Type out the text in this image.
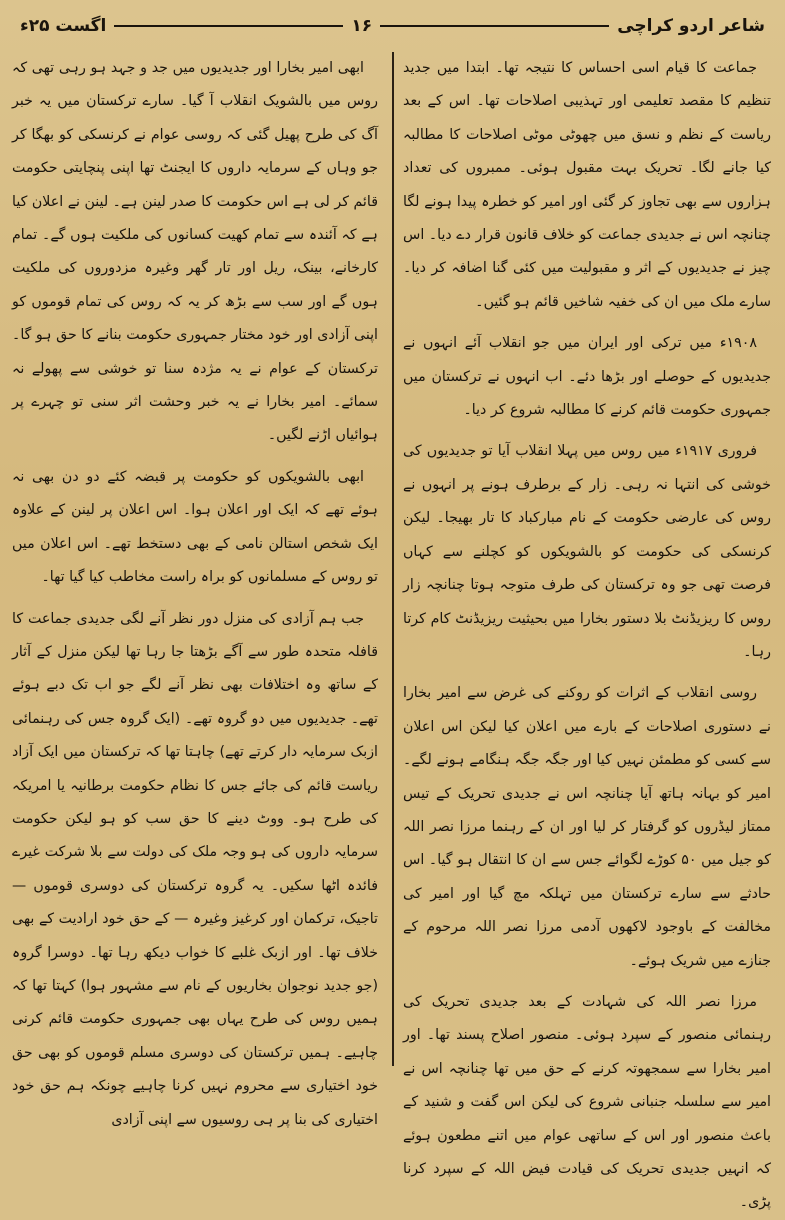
شاعر اردو کراچی
۱۶
اگست ۲۵ء

جماعت کا قیام اسی احساس کا نتیجہ تھا۔ ابتدا میں جدید تنظیم کا مقصد تعلیمی اور تہذیبی اصلاحات تھا۔ اس کے بعد ریاست کے نظم و نسق میں چھوٹی موٹی اصلاحات کا مطالبہ کیا جانے لگا۔ تحریک بہت مقبول ہوئی۔ ممبروں کی تعداد ہزاروں سے بھی تجاوز کر گئی اور امیر کو خطرہ پیدا ہونے لگا چنانچہ اس نے جدیدی جماعت کو خلاف قانون قرار دے دیا۔ اس چیز نے جدیدیوں کے اثر و مقبولیت میں کئی گنا اضافہ کر دیا۔ سارے ملک میں ان کی خفیہ شاخیں قائم ہو گئیں۔

۱۹۰۸ء میں ترکی اور ایران میں جو انقلاب آئے انہوں نے جدیدیوں کے حوصلے اور بڑھا دئے۔ اب انہوں نے ترکستان میں جمہوری حکومت قائم کرنے کا مطالبہ شروع کر دیا۔

فروری ۱۹۱۷ء میں روس میں پہلا انقلاب آیا تو جدیدیوں کی خوشی کی انتہا نہ رہی۔ زار کے برطرف ہونے پر انہوں نے روس کی عارضی حکومت کے نام مبارکباد کا تار بھیجا۔ لیکن کرنسکی کی حکومت کو بالشویکوں کو کچلنے سے کہاں فرصت تھی جو وہ ترکستان کی طرف متوجہ ہوتا چنانچہ زار روس کا ریزیڈنٹ بلا دستور بخارا میں بحیثیت ریزیڈنٹ کام کرتا رہا۔

روسی انقلاب کے اثرات کو روکنے کی غرض سے امیر بخارا نے دستوری اصلاحات کے بارے میں اعلان کیا لیکن اس اعلان سے کسی کو مطمئن نہیں کیا اور جگہ جگہ ہنگامے ہونے لگے۔ امیر کو بہانہ ہاتھ آیا چنانچہ اس نے جدیدی تحریک کے تیس ممتاز لیڈروں کو گرفتار کر لیا اور ان کے رہنما مرزا نصر اللہ کو جیل میں ۵۰ کوڑے لگوائے جس سے ان کا انتقال ہو گیا۔ اس حادثے سے سارے ترکستان میں تہلکہ مچ گیا اور امیر کی مخالفت کے باوجود لاکھوں آدمی مرزا نصر اللہ مرحوم کے جنازے میں شریک ہوئے۔

مرزا نصر اللہ کی شہادت کے بعد جدیدی تحریک کی رہنمائی منصور کے سپرد ہوئی۔ منصور اصلاح پسند تھا۔ اور امیر بخارا سے سمجھوتہ کرنے کے حق میں تھا چنانچہ اس نے امیر سے سلسلہ جنبانی شروع کی لیکن اس گفت و شنید کے باعث منصور اور اس کے ساتھی عوام میں اتنے مطعون ہوئے کہ انہیں جدیدی تحریک کی قیادت فیض اللہ کے سپرد کرنا پڑی۔

ابھی امیر بخارا اور جدیدیوں میں جد و جہد ہو رہی تھی کہ روس میں بالشویک انقلاب آ گیا۔ سارے ترکستان میں یہ خبر آگ کی طرح پھیل گئی کہ روسی عوام نے کرنسکی کو بھگا کر جو وہاں کے سرمایہ داروں کا ایجنٹ تھا اپنی پنچایتی حکومت قائم کر لی ہے اس حکومت کا صدر لینن ہے۔ لینن نے اعلان کیا ہے کہ آئندہ سے تمام کھیت کسانوں کی ملکیت ہوں گے۔ تمام کارخانے، بینک، ریل اور تار گھر وغیرہ مزدوروں کی ملکیت ہوں گے اور سب سے بڑھ کر یہ کہ روس کی تمام قوموں کو اپنی آزادی اور خود مختار جمہوری حکومت بنانے کا حق ہو گا۔ ترکستان کے عوام نے یہ مژدہ سنا تو خوشی سے پھولے نہ سمائے۔ امیر بخارا نے یہ خبر وحشت اثر سنی تو چہرے پر ہوائیاں اڑنے لگیں۔

ابھی بالشویکوں کو حکومت پر قبضہ کئے دو دن بھی نہ ہوئے تھے کہ ایک اور اعلان ہوا۔ اس اعلان پر لینن کے علاوہ ایک شخص استالن نامی کے بھی دستخط تھے۔ اس اعلان میں تو روس کے مسلمانوں کو براہ راست مخاطب کیا گیا تھا۔

جب ہم آزادی کی منزل دور نظر آنے لگی جدیدی جماعت کا قافلہ متحدہ طور سے آگے بڑھتا جا رہا تھا لیکن منزل کے آثار کے ساتھ وہ اختلافات بھی نظر آنے لگے جو اب تک دبے ہوئے تھے۔ جدیدیوں میں دو گروہ تھے۔ (ایک گروہ جس کی رہنمائی ازبک سرمایہ دار کرتے تھے) چاہتا تھا کہ ترکستان میں ایک آزاد ریاست قائم کی جائے جس کا نظام حکومت برطانیہ یا امریکہ کی طرح ہو۔ ووٹ دینے کا حق سب کو ہو لیکن حکومت سرمایہ داروں کی ہو وجہ ملک کی دولت سے بلا شرکت غیرے فائدہ اٹھا سکیں۔ یہ گروہ ترکستان کی دوسری قوموں — تاجیک، ترکمان اور کرغیز وغیرہ — کے حق خود ارادیت کے بھی خلاف تھا۔ اور ازبک غلبے کا خواب دیکھ رہا تھا۔ دوسرا گروہ (جو جدید نوجوان بخاریوں کے نام سے مشہور ہوا) کہتا تھا کہ ہمیں روس کی طرح یہاں بھی جمہوری حکومت قائم کرنی چاہیے۔ ہمیں ترکستان کی دوسری مسلم قوموں کو بھی حق خود اختیاری سے محروم نہیں کرنا چاہیے چونکہ ہم حق خود اختیاری کی بنا پر ہی روسیوں سے اپنی آزادی
